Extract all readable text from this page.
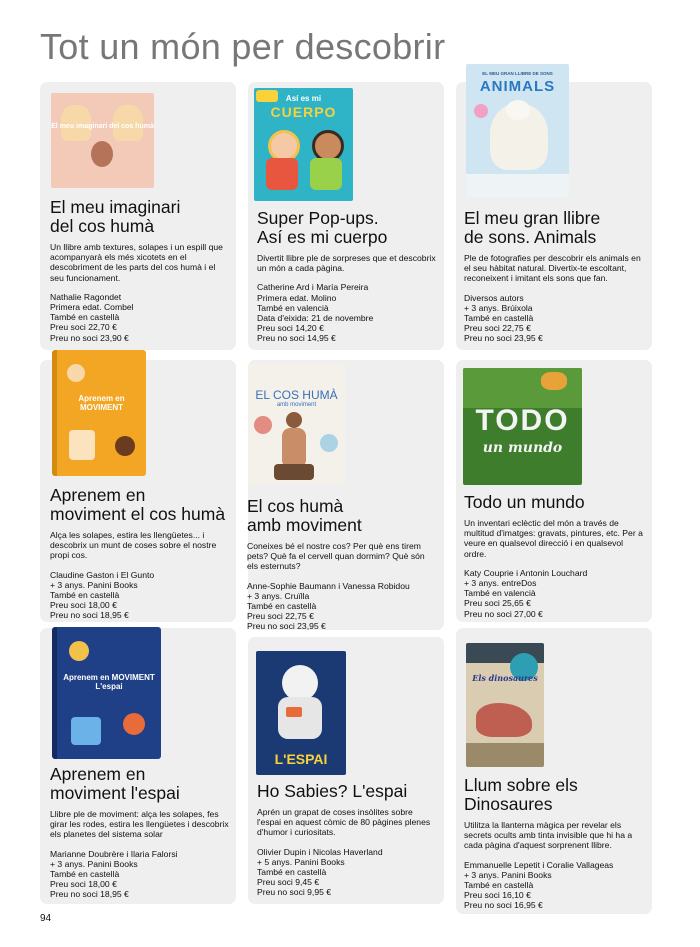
Tot un món per descobrir
El meu imaginari del cos humà
El meu imaginari
del cos humà

Un llibre amb textures, solapes i un espill que acompanyarà els més xicotets en el descobriment de les parts del cos humà i el seu funcionament.

Nathalie Ragondet
Primera edat. Combel
També en castellà
Preu soci 22,70 €
Preu no soci 23,90 €

Así es mi
CUERPO
Super Pop-ups.
Así es mi cuerpo

Divertit llibre ple de sorpreses que et descobrix un món a cada pàgina.

Catherine Ard i María Pereira
Primera edat. Molino
També en valencià
Data d'eixida: 21 de novembre
Preu soci 14,20 €
Preu no soci 14,95 €

EL MEU GRAN LLIBRE DE SONS
ANIMALS
El meu gran llibre
de sons. Animals

Ple de fotografies per descobrir els animals en el seu hàbitat natural. Divertix-te escoltant, reconeixent i imitant els sons que fan.

Diversos autors
+ 3 anys. Brúixola
També en castellà
Preu soci 22,75 €
Preu no soci 23,95 €

Aprenem en MOVIMENT
Aprenem en
moviment el cos humà

Alça les solapes, estira les llengüetes... i descobrix un munt de coses sobre el nostre propi cos.

Claudine Gaston i El Gunto
+ 3 anys. Panini Books
També en castellà
Preu soci 18,00 €
Preu no soci 18,95 €

EL COS HUMÀ
amb moviment
El cos humà
amb moviment

Coneixes bé el nostre cos? Per què ens tirem pets? Què fa el cervell quan dormim? Què són els esternuts?

Anne-Sophie Baumann i Vanessa Robidou
+ 3 anys. Cruïlla
També en castellà
Preu soci 22,75 €
Preu no soci 23,95 €

TODO
un mundo
Todo un mundo

Un inventari eclèctic del món a través de multitud d'imatges: gravats, pintures, etc. Per a veure en qualsevol direcció i en qualsevol ordre.

Katy Couprie i Antonin Louchard
+ 3 anys. entreDos
També en valencià
Preu soci 25,65 €
Preu no soci 27,00 €

Aprenem en MOVIMENT L'espai
Aprenem en
moviment l'espai

Llibre ple de moviment: alça les solapes, fes girar les rodes, estira les llengüetes i descobrix els planetes del sistema solar

Marianne Doubrère i Ilaria Falorsi
+ 3 anys. Panini Books
També en castellà
Preu soci 18,00 €
Preu no soci 18,95 €

L'ESPAI
Ho Sabies? L'espai

Aprén un grapat de coses insòlites sobre l'espai en aquest còmic de 80 pàgines plenes d'humor i curiositats.

Olivier Dupin i Nicolas Haverland
+ 5 anys. Panini Books
També en castellà
Preu soci 9,45 €
Preu no soci 9,95 €

Els dinosaures
Llum sobre els
Dinosaures

Utilitza la llanterna màgica per revelar els secrets ocults amb tinta invisible que hi ha a cada pàgina d'aquest sorprenent llibre.

Emmanuelle Lepetit i Coralie Vallageas
+ 3 anys. Panini Books
També en castellà
Preu soci 16,10 €
Preu no soci 16,95 €

94
